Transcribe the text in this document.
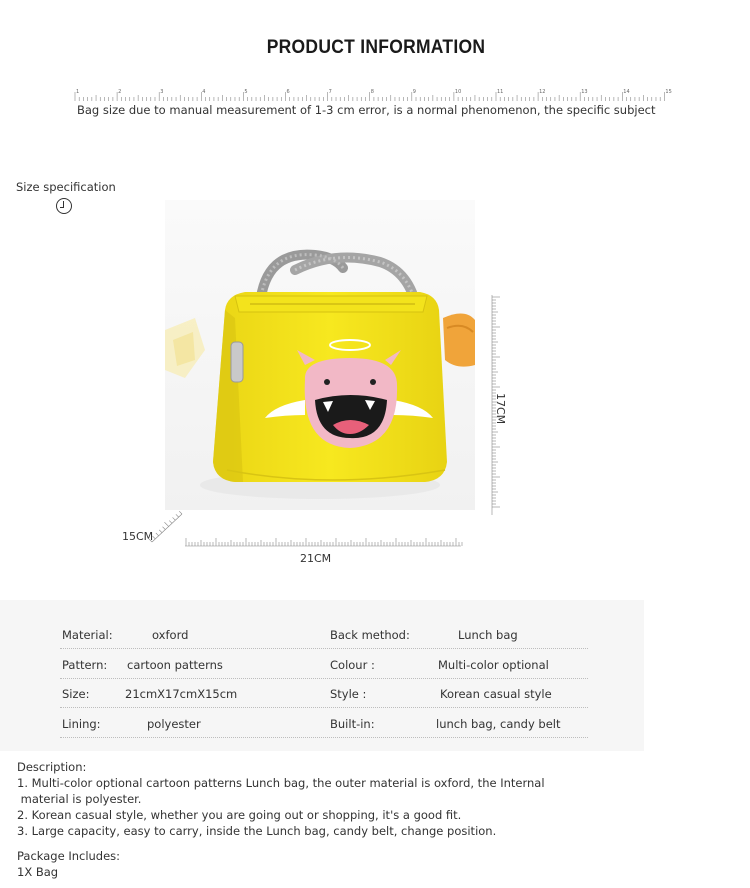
PRODUCT INFORMATION
1	2	3	4	5	6	7	8	9	10	11	12	13	14	15
Bag size due to manual measurement of 1-3 cm error, is a normal phenomenon, the specific subject
Size specification
17CM
15CM
21CM
Material:	oxford	Back method:	Lunch bag
Pattern: cartoon patterns	Colour :	Multi-color optional
Size:	21cmX17cmX15cm	Style :	Korean casual style
Lining:	polyester	Built-in:	lunch bag, candy belt
Description:
1. Multi-color optional cartoon patterns Lunch bag, the outer material is oxford, the Internal
material is polyester.
2. Korean casual style, whether you are going out or shopping, it's a good fit.
3. Large capacity, easy to carry, inside the Lunch bag, candy belt, change position.
Package Includes:
1X Bag
